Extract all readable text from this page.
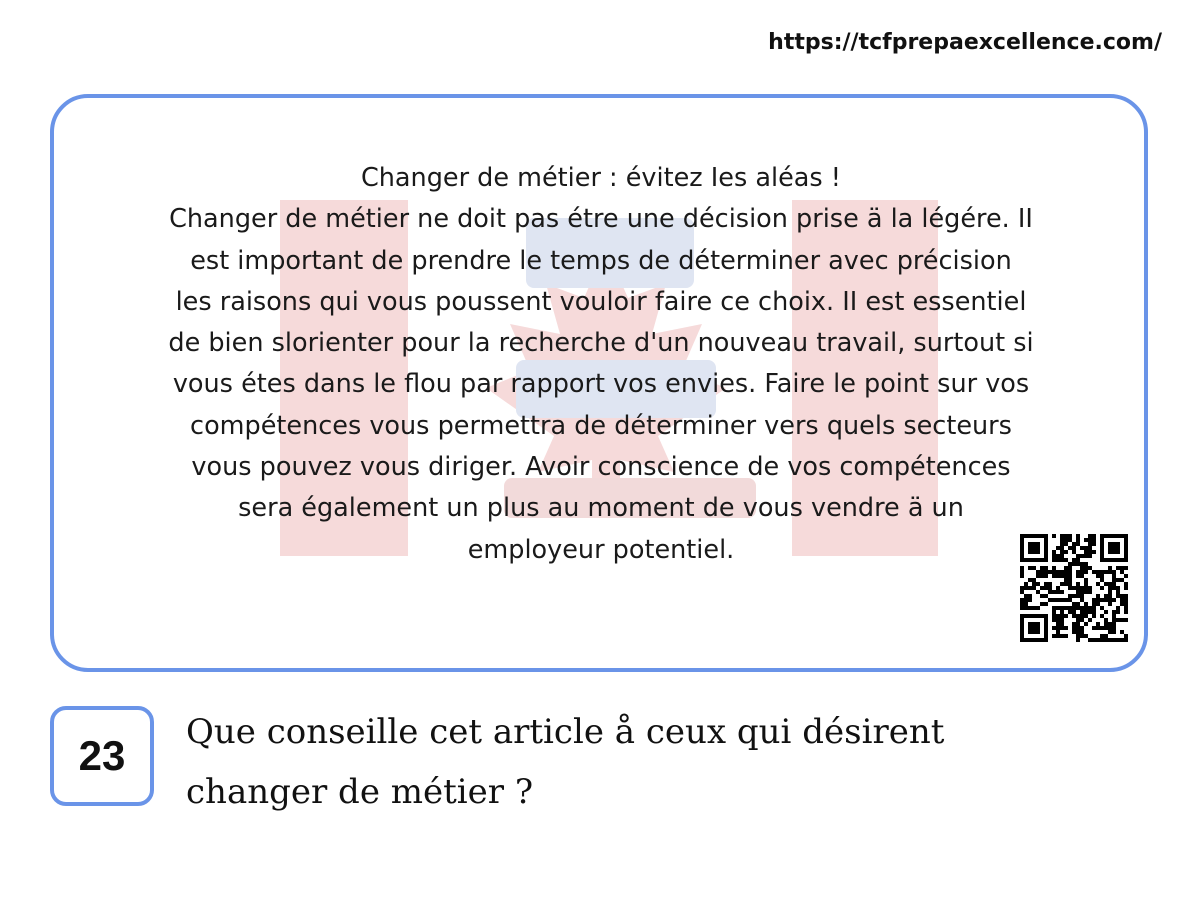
https://tcfprepaexcellence.com/

Changer de métier : évitez Ies aléas !

Changer de métier ne doit pas étre une décision prise ä la légére. II

est important de prendre le temps de déterminer avec précision

les raisons qui vous poussent vouloir faire ce choix. II est essentiel

de bien slorienter pour la recherche d'un nouveau travail, surtout si

vous étes dans le flou par rapport vos envies. Faire le point sur vos

compétences vous permettra de déterminer vers quels secteurs

vous pouvez vous diriger. Avoir conscience de vos compétences

sera également un plus au moment de vous vendre ä un

employeur potentiel.

23 Que conseille cet article å ceux qui désirent
changer de métier ?
